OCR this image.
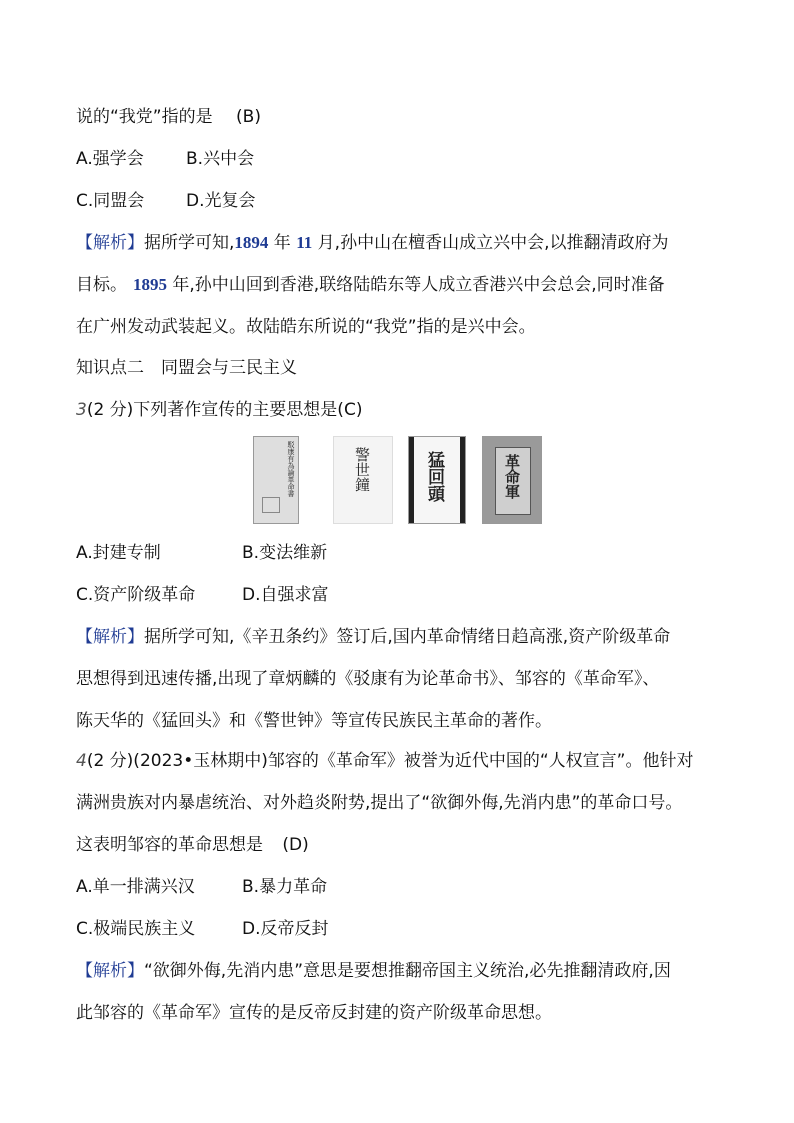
说的“我党”指的是 (B)
A.强学会 B.兴中会
C.同盟会 D.光复会
【解析】据所学可知,1894 年 11 月,孙中山在檀香山成立兴中会,以推翻清政府为
目标。 1895 年,孙中山回到香港,联络陆皓东等人成立香港兴中会总会,同时准备
在广州发动武装起义。故陆皓东所说的“我党”指的是兴中会。
知识点二　同盟会与三民主义
3(2 分)下列著作宣传的主要思想是(C)
駁康有為論革命書	警世鐘	猛回頭	革命軍
A.封建专制	B.变法维新
C.资产阶级革命	D.自强求富
【解析】据所学可知,《辛丑条约》签订后,国内革命情绪日趋高涨,资产阶级革命
思想得到迅速传播,出现了章炳麟的《驳康有为论革命书》、邹容的《革命军》、
陈天华的《猛回头》和《警世钟》等宣传民族民主革命的著作。
4(2 分)(2023•玉林期中)邹容的《革命军》被誉为近代中国的“人权宣言”。他针对
满洲贵族对内暴虐统治、对外趋炎附势,提出了“欲御外侮,先消内患”的革命口号。
这表明邹容的革命思想是 (D)
A.单一排满兴汉	B.暴力革命
C.极端民族主义	D.反帝反封
【解析】“欲御外侮,先消内患”意思是要想推翻帝国主义统治,必先推翻清政府,因
此邹容的《革命军》宣传的是反帝反封建的资产阶级革命思想。
